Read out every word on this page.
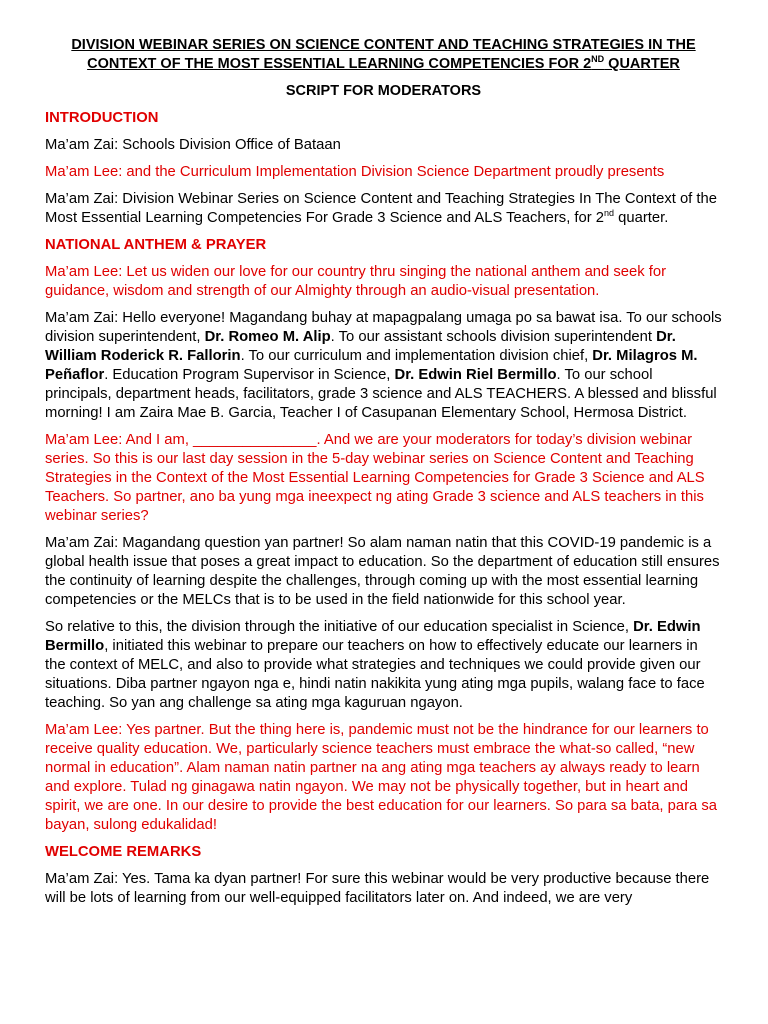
DIVISION WEBINAR SERIES ON SCIENCE CONTENT AND TEACHING STRATEGIES IN THE
CONTEXT OF THE MOST ESSENTIAL LEARNING COMPETENCIES FOR 2ND QUARTER
SCRIPT FOR MODERATORS
INTRODUCTION

Ma’am Zai: Schools Division Office of Bataan

Ma’am Lee: and the Curriculum Implementation Division Science Department proudly presents

Ma’am Zai: Division Webinar Series on Science Content and Teaching Strategies In The Context of the Most Essential Learning Competencies For Grade 3 Science and ALS Teachers, for 2nd quarter.

NATIONAL ANTHEM & PRAYER

Ma’am Lee: Let us widen our love for our country thru singing the national anthem and seek for guidance, wisdom and strength of our Almighty through an audio-visual presentation.

Ma’am Zai: Hello everyone! Magandang buhay at mapagpalang umaga po sa bawat isa. To our schools division superintendent, Dr. Romeo M. Alip. To our assistant schools division superintendent Dr. William Roderick R. Fallorin. To our curriculum and implementation division chief, Dr. Milagros M. Peñaflor. Education Program Supervisor in Science, Dr. Edwin Riel Bermillo. To our school principals, department heads, facilitators, grade 3 science and ALS TEACHERS. A blessed and blissful morning! I am Zaira Mae B. Garcia, Teacher I of Casupanan Elementary School, Hermosa District.

Ma’am Lee: And I am, _______________. And we are your moderators for today’s division webinar series. So this is our last day session in the 5-day webinar series on Science Content and Teaching Strategies in the Context of the Most Essential Learning Competencies for Grade 3 Science and ALS Teachers. So partner, ano ba yung mga ineexpect ng ating Grade 3 science and ALS teachers in this webinar series?

Ma’am Zai: Magandang question yan partner! So alam naman natin that this COVID-19 pandemic is a global health issue that poses a great impact to education. So the department of education still ensures the continuity of learning despite the challenges, through coming up with the most essential learning competencies or the MELCs that is to be used in the field nationwide for this school year.

So relative to this, the division through the initiative of our education specialist in Science, Dr. Edwin Bermillo, initiated this webinar to prepare our teachers on how to effectively educate our learners in the context of MELC, and also to provide what strategies and techniques we could provide given our situations. Diba partner ngayon nga e, hindi natin nakikita yung ating mga pupils, walang face to face teaching. So yan ang challenge sa ating mga kaguruan ngayon.

Ma’am Lee: Yes partner. But the thing here is, pandemic must not be the hindrance for our learners to receive quality education. We, particularly science teachers must embrace the what-so called, “new normal in education”. Alam naman natin partner na ang ating mga teachers ay always ready to learn and explore. Tulad ng ginagawa natin ngayon. We may not be physically together, but in heart and spirit, we are one. In our desire to provide the best education for our learners. So para sa bata, para sa bayan, sulong edukalidad!

WELCOME REMARKS

Ma’am Zai: Yes. Tama ka dyan partner! For sure this webinar would be very productive because there will be lots of learning from our well-equipped facilitators later on. And indeed, we are very
